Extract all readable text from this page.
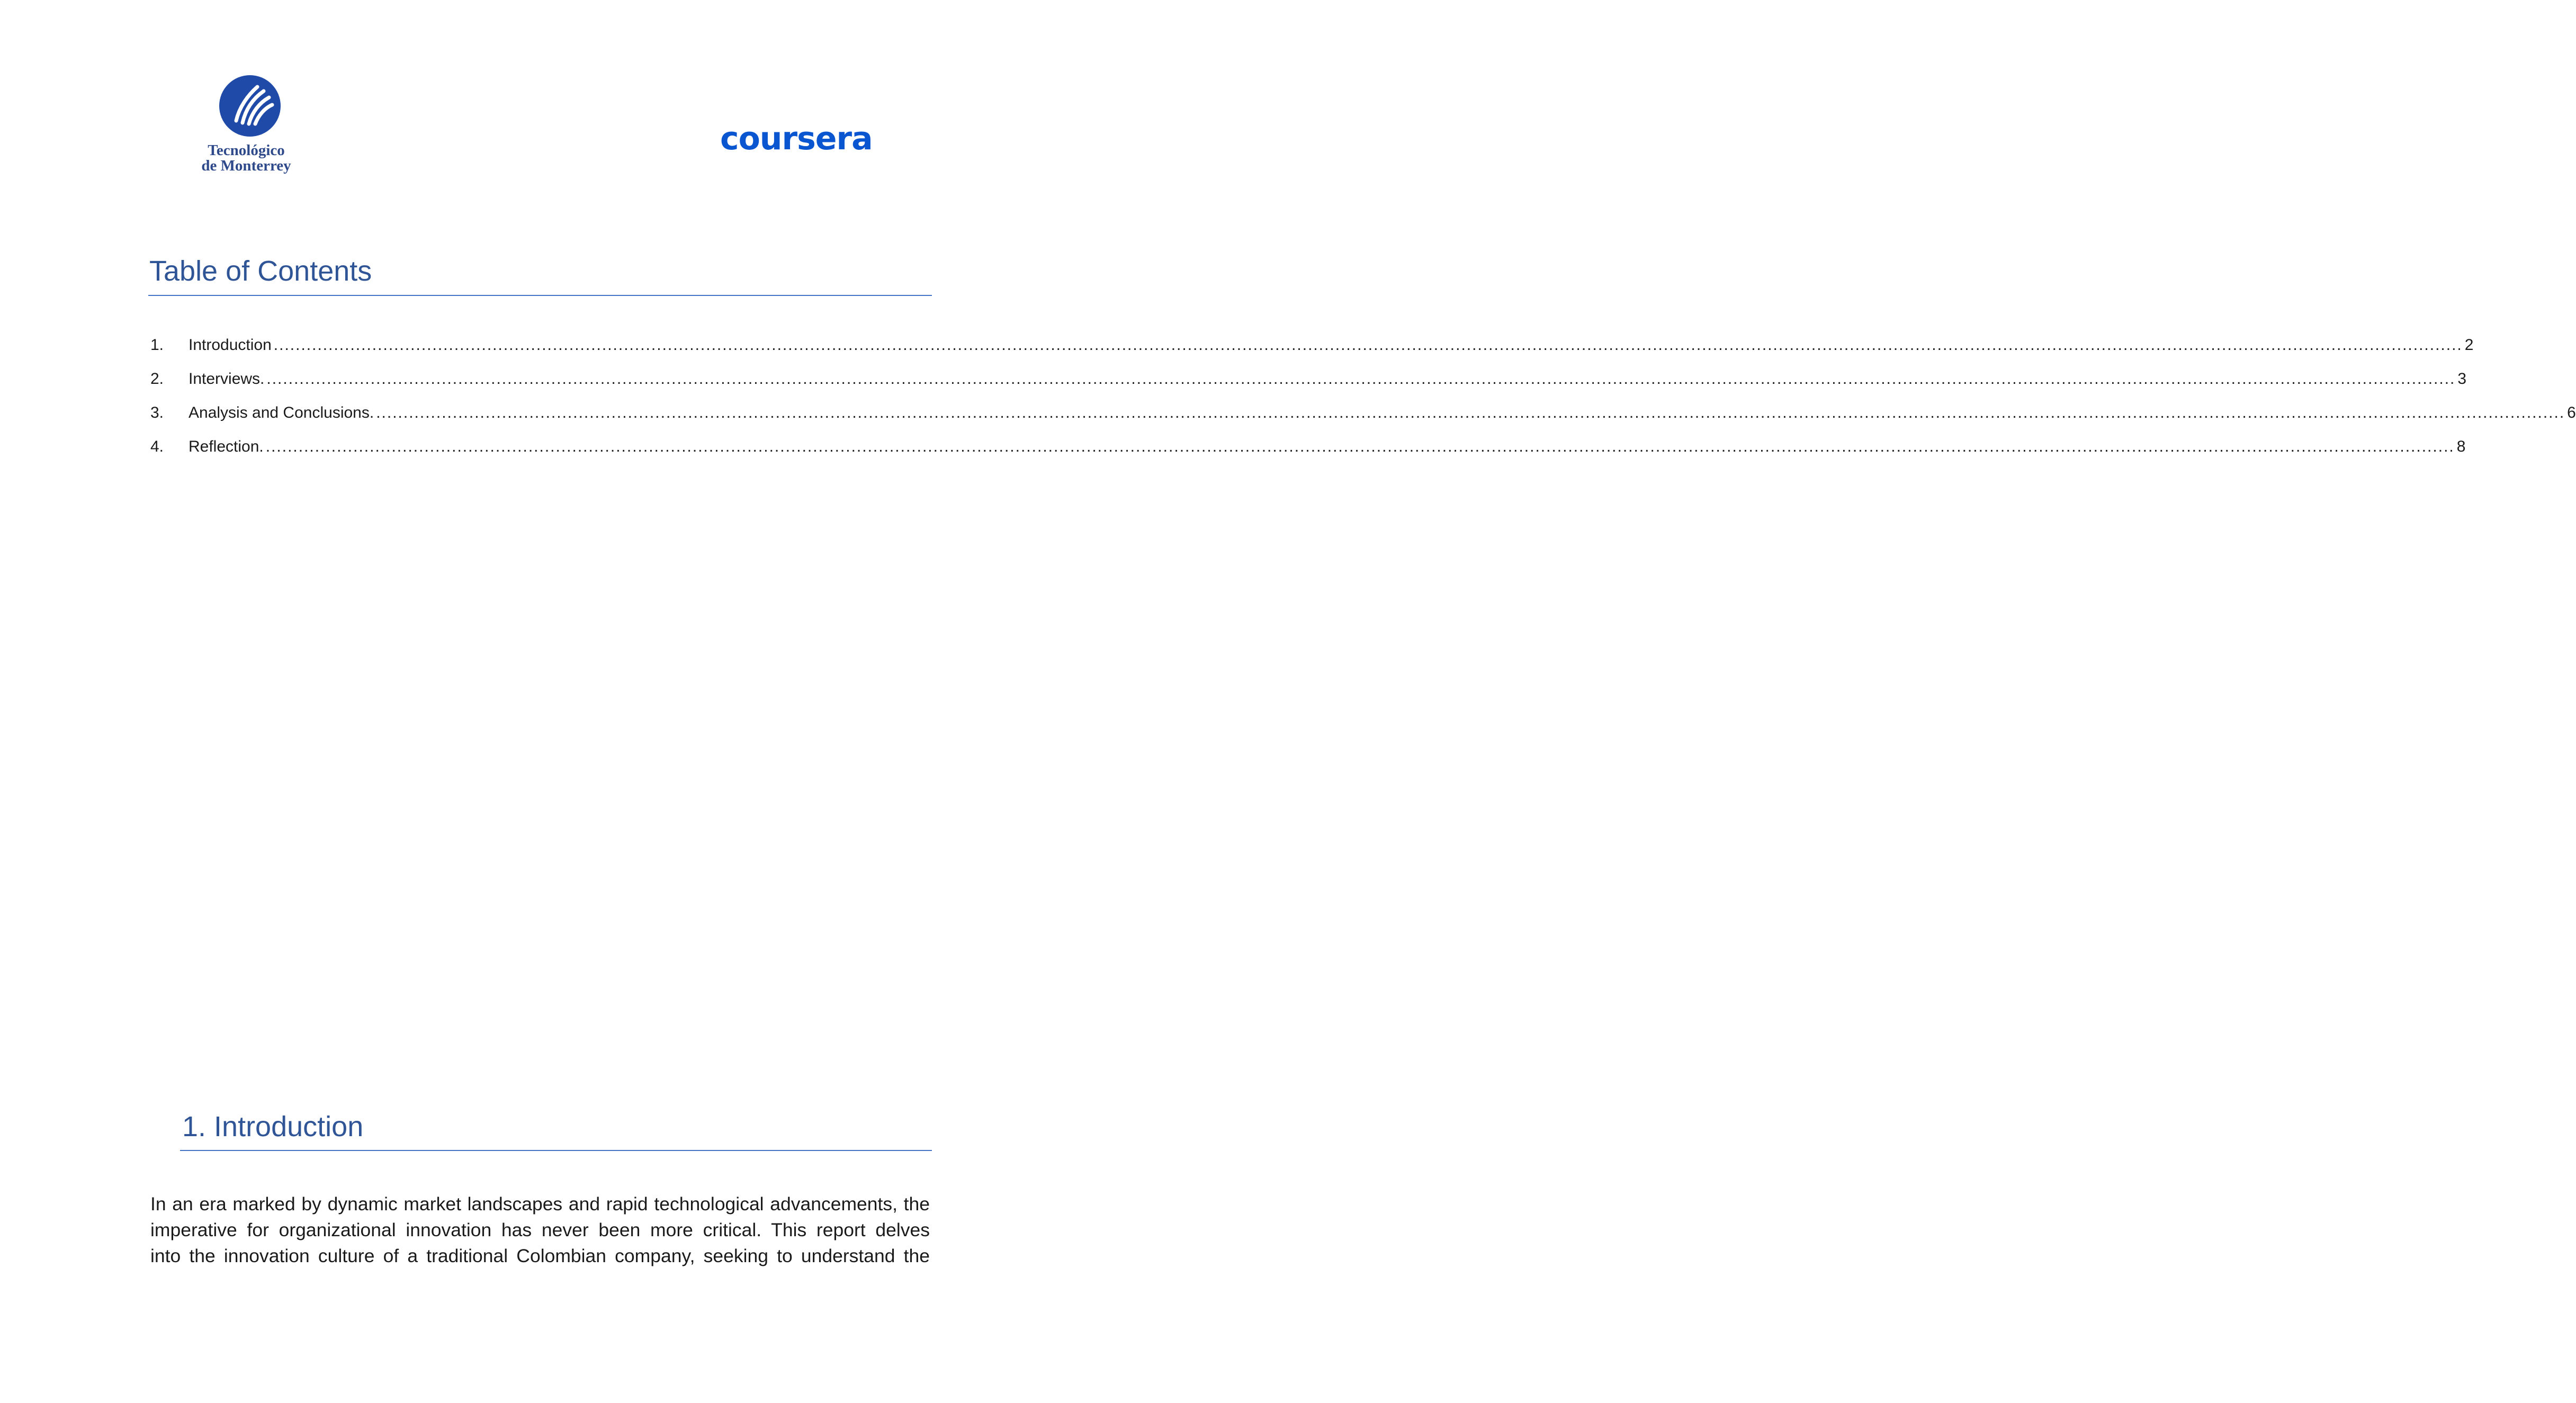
Tecnológico
de Monterrey
coursera
Table of Contents
1.	Introduction ................................................................................................................................................................................................................................................................................................................................................................................................................ 2
2.	Interviews. ................................................................................................................................................................................................................................................................................................................................................................................................................ 3
3.	Analysis and Conclusions. ................................................................................................................................................................................................................................................................................................................................................................................................................ 6
4.	Reflection. ................................................................................................................................................................................................................................................................................................................................................................................................................ 8
1. Introduction
In an era marked by dynamic market landscapes and rapid technological advancements, the
imperative for organizational innovation has never been more critical. This report delves
into the innovation culture of a traditional Colombian company, seeking to understand the
